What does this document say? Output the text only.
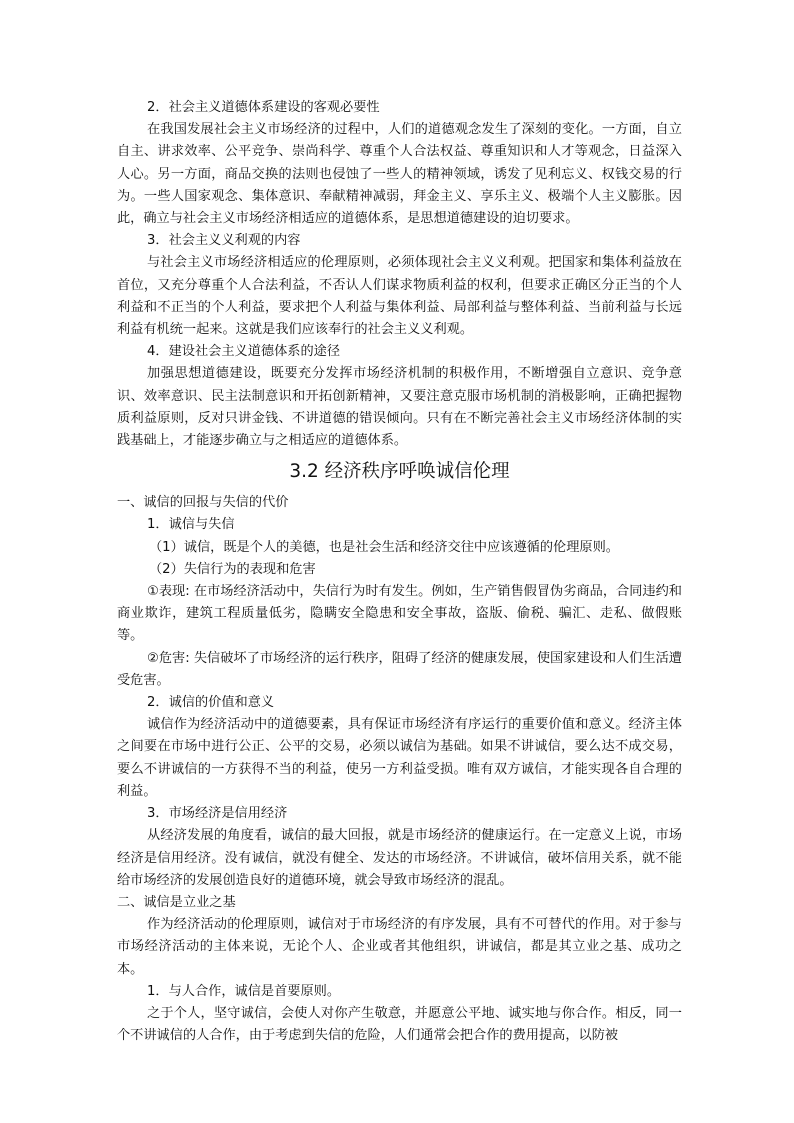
2．社会主义道德体系建设的客观必要性

在我国发展社会主义市场经济的过程中，人们的道德观念发生了深刻的变化。一方面，自立自主、讲求效率、公平竞争、崇尚科学、尊重个人合法权益、尊重知识和人才等观念，日益深入人心。另一方面，商品交换的法则也侵蚀了一些人的精神领域，诱发了见利忘义、权钱交易的行为。一些人国家观念、集体意识、奉献精神减弱，拜金主义、享乐主义、极端个人主义膨胀。因此，确立与社会主义市场经济相适应的道德体系，是思想道德建设的迫切要求。

3．社会主义义利观的内容

与社会主义市场经济相适应的伦理原则，必须体现社会主义义利观。把国家和集体利益放在首位，又充分尊重个人合法利益，不否认人们谋求物质利益的权利，但要求正确区分正当的个人利益和不正当的个人利益，要求把个人利益与集体利益、局部利益与整体利益、当前利益与长远利益有机统一起来。这就是我们应该奉行的社会主义义利观。

4．建设社会主义道德体系的途径

加强思想道德建设，既要充分发挥市场经济机制的积极作用，不断增强自立意识、竞争意识、效率意识、民主法制意识和开拓创新精神，又要注意克服市场机制的消极影响，正确把握物质利益原则，反对只讲金钱、不讲道德的错误倾向。只有在不断完善社会主义市场经济体制的实践基础上，才能逐步确立与之相适应的道德体系。

3.2 经济秩序呼唤诚信伦理

一、诚信的回报与失信的代价

1．诚信与失信

（1）诚信，既是个人的美德，也是社会生活和经济交往中应该遵循的伦理原则。

（2）失信行为的表现和危害

①表现: 在市场经济活动中，失信行为时有发生。例如，生产销售假冒伪劣商品，合同违约和商业欺诈，建筑工程质量低劣，隐瞒安全隐患和安全事故，盗版、偷税、骗汇、走私、做假账等。

②危害: 失信破坏了市场经济的运行秩序，阻碍了经济的健康发展，使国家建设和人们生活遭受危害。

2．诚信的价值和意义

诚信作为经济活动中的道德要素，具有保证市场经济有序运行的重要价值和意义。经济主体之间要在市场中进行公正、公平的交易，必须以诚信为基础。如果不讲诚信，要么达不成交易，要么不讲诚信的一方获得不当的利益，使另一方利益受损。唯有双方诚信，才能实现各自合理的利益。

3．市场经济是信用经济

从经济发展的角度看，诚信的最大回报，就是市场经济的健康运行。在一定意义上说，市场经济是信用经济。没有诚信，就没有健全、发达的市场经济。不讲诚信，破坏信用关系，就不能给市场经济的发展创造良好的道德环境，就会导致市场经济的混乱。

二、诚信是立业之基

作为经济活动的伦理原则，诚信对于市场经济的有序发展，具有不可替代的作用。对于参与市场经济活动的主体来说，无论个人、企业或者其他组织，讲诚信，都是其立业之基、成功之本。

1．与人合作，诚信是首要原则。

之于个人，坚守诚信，会使人对你产生敬意，并愿意公平地、诚实地与你合作。相反，同一个不讲诚信的人合作，由于考虑到失信的危险，人们通常会把合作的费用提高，以防被
